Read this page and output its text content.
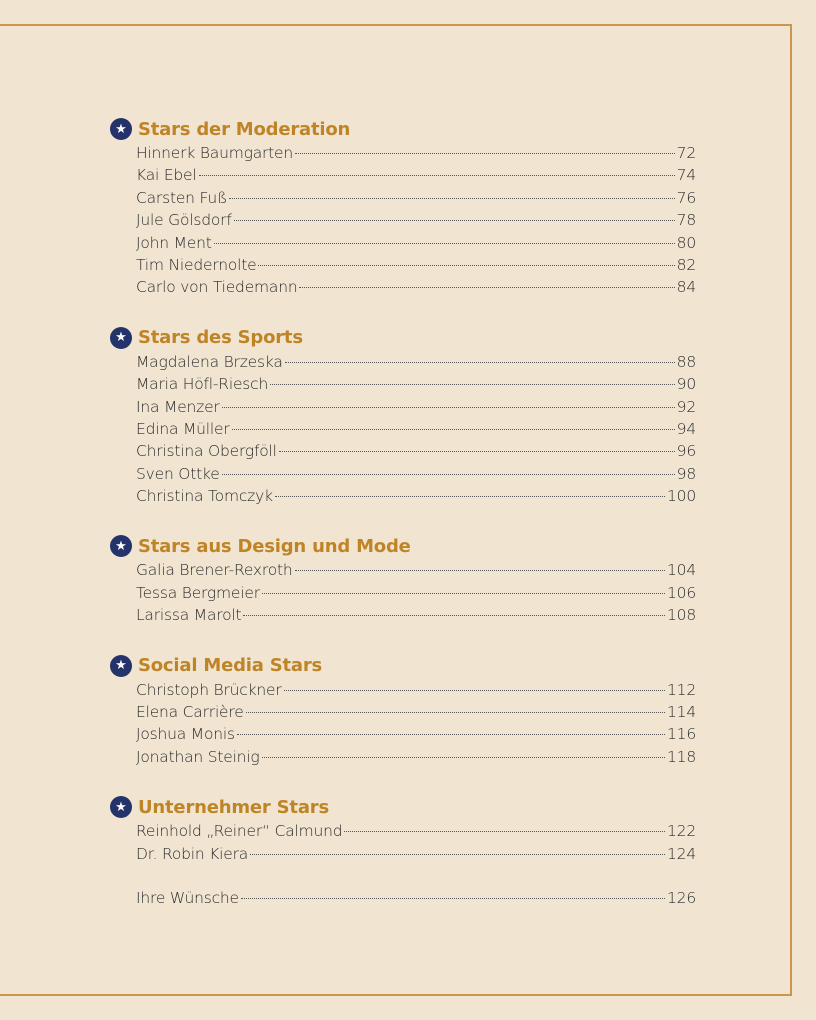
★ Stars der Moderation
Hinnerk Baumgarten	72
Kai Ebel	74
Carsten Fuß	76
Jule Gölsdorf	78
John Ment	80
Tim Niedernolte	82
Carlo von Tiedemann	84
★ Stars des Sports
Magdalena Brzeska	88
Maria Höfl-Riesch	90
Ina Menzer	92
Edina Müller	94
Christina Obergföll	96
Sven Ottke	98
Christina Tomczyk	100
★ Stars aus Design und Mode
Galia Brener-Rexroth	104
Tessa Bergmeier	106
Larissa Marolt	108
★ Social Media Stars
Christoph Brückner	112
Elena Carrière	114
Joshua Monis	116
Jonathan Steinig	118
★ Unternehmer Stars
Reinhold „Reiner“ Calmund	122
Dr. Robin Kiera	124
Ihre Wünsche	126
